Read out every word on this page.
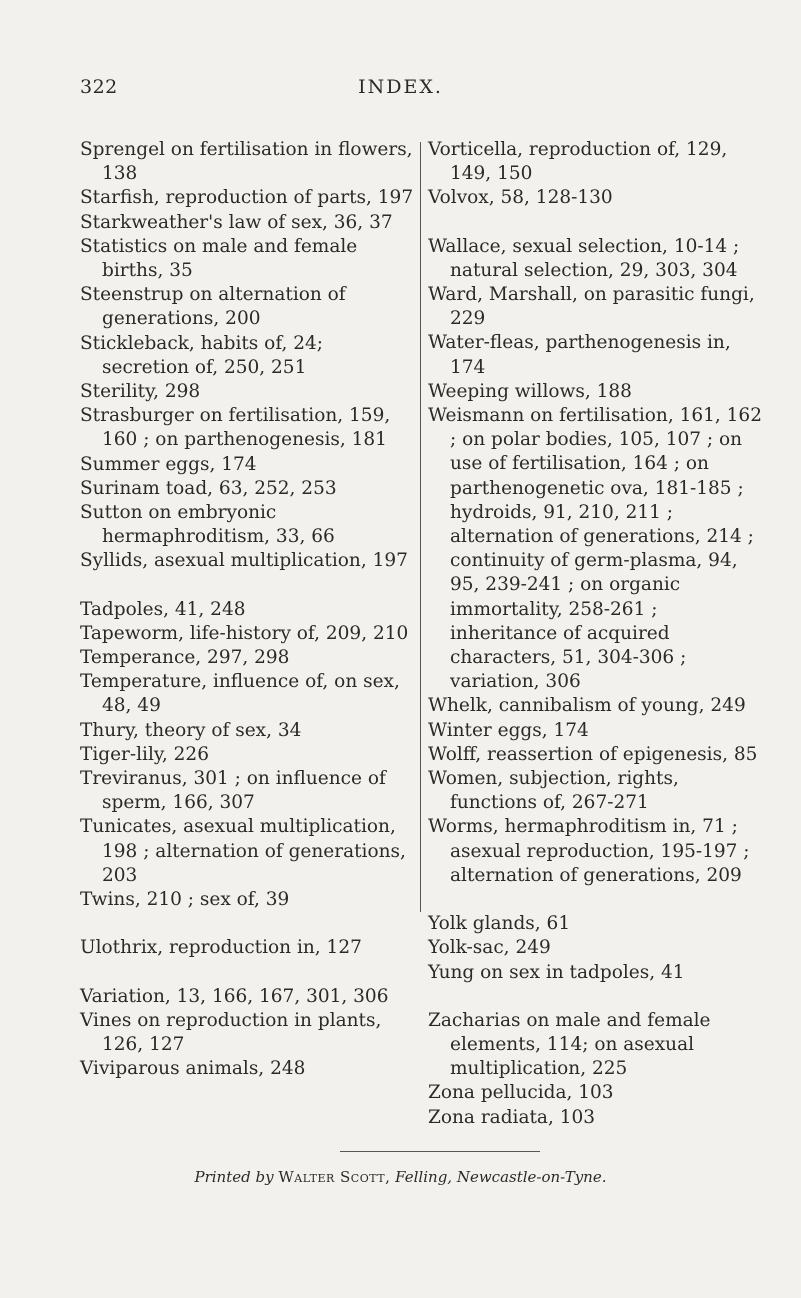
322	INDEX.

Sprengel on fertilisation in flowers, 138

Starfish, reproduction of parts, 197

Starkweather's law of sex, 36, 37

Statistics on male and female births, 35

Steenstrup on alternation of generations, 200

Stickleback, habits of, 24; secretion of, 250, 251

Sterility, 298

Strasburger on fertilisation, 159, 160 ; on parthenogenesis, 181

Summer eggs, 174

Surinam toad, 63, 252, 253

Sutton on embryonic hermaphroditism, 33, 66

Syllids, asexual multiplication, 197

Tadpoles, 41, 248

Tapeworm, life-history of, 209, 210

Temperance, 297, 298

Temperature, influence of, on sex, 48, 49

Thury, theory of sex, 34

Tiger-lily, 226

Treviranus, 301 ; on influence of sperm, 166, 307

Tunicates, asexual multiplication, 198 ; alternation of generations, 203

Twins, 210 ; sex of, 39

Ulothrix, reproduction in, 127

Variation, 13, 166, 167, 301, 306

Vines on reproduction in plants, 126, 127

Viviparous animals, 248

Vorticella, reproduction of, 129, 149, 150

Volvox, 58, 128-130

Wallace, sexual selection, 10-14 ; natural selection, 29, 303, 304

Ward, Marshall, on parasitic fungi, 229

Water-fleas, parthenogenesis in, 174

Weeping willows, 188

Weismann on fertilisation, 161, 162 ; on polar bodies, 105, 107 ; on use of fertilisation, 164 ; on parthenogenetic ova, 181-185 ; hydroids, 91, 210, 211 ; alternation of generations, 214 ; continuity of germ-plasma, 94, 95, 239-241 ; on organic immortality, 258-261 ; inheritance of acquired characters, 51, 304-306 ; variation, 306

Whelk, cannibalism of young, 249

Winter eggs, 174

Wolff, reassertion of epigenesis, 85

Women, subjection, rights, functions of, 267-271

Worms, hermaphroditism in, 71 ; asexual reproduction, 195-197 ; alternation of generations, 209

Yolk glands, 61

Yolk-sac, 249

Yung on sex in tadpoles, 41

Zacharias on male and female elements, 114; on asexual multiplication, 225

Zona pellucida, 103

Zona radiata, 103

Printed by Walter Scott, Felling, Newcastle-on-Tyne.
